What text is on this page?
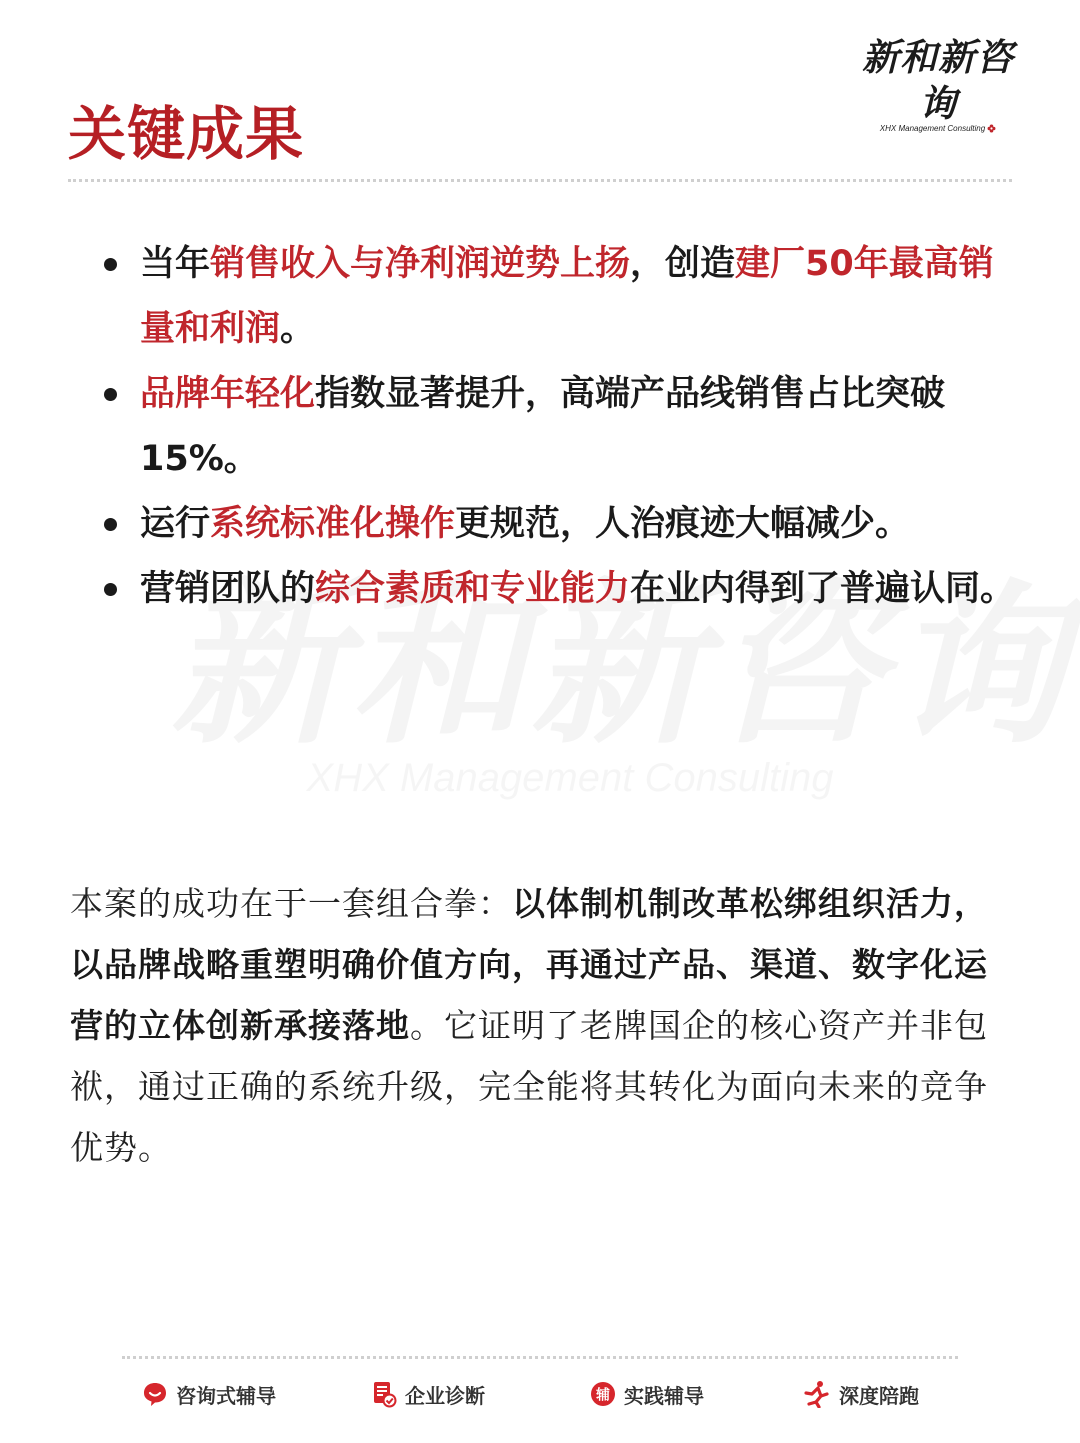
新和新咨询
XHX Management Consulting
关键成果
当年销售收入与净利润逆势上扬，创造建厂50年最高销量和利润。
品牌年轻化指数显著提升，高端产品线销售占比突破15%。
运行系统标准化操作更规范，人治痕迹大幅减少。
营销团队的综合素质和专业能力在业内得到了普遍认同。

本案的成功在于一套组合拳：以体制机制改革松绑组织活力，以品牌战略重塑明确价值方向，再通过产品、渠道、数字化运营的立体创新承接落地。它证明了老牌国企的核心资产并非包袱，通过正确的系统升级，完全能将其转化为面向未来的竞争优势。

咨询式辅导	企业诊断	辅 实践辅导	深度陪跑
